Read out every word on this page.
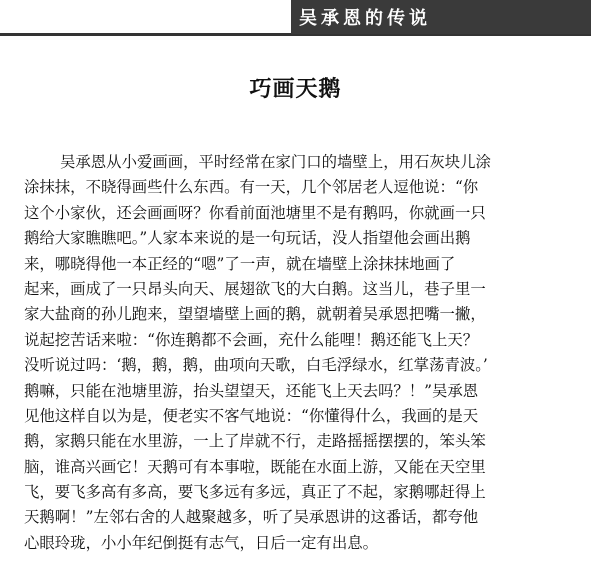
吴承恩的传说
巧画天鹅
吴承恩从小爱画画，平时经常在家门口的墙壁上，用石灰块儿涂
涂抹抹，不晓得画些什么东西。有一天，几个邻居老人逗他说：“你
这个小家伙，还会画画呀？你看前面池塘里不是有鹅吗，你就画一只
鹅给大家瞧瞧吧。”人家本来说的是一句玩话，没人指望他会画出鹅
来，哪晓得他一本正经的“嗯”了一声，就在墙壁上涂抹抹地画了
起来，画成了一只昂头向天、展翅欲飞的大白鹅。这当儿，巷子里一
家大盐商的孙儿跑来，望望墙壁上画的鹅，就朝着吴承恩把嘴一撇，
说起挖苦话来啦：“你连鹅都不会画，充什么能哩！鹅还能飞上天？
没听说过吗：‘鹅，鹅，鹅，曲项向天歌，白毛浮绿水，红掌荡青波。’
鹅嘛，只能在池塘里游，抬头望望天，还能飞上天去吗？！”吴承恩
见他这样自以为是，便老实不客气地说：“你懂得什么，我画的是天
鹅，家鹅只能在水里游，一上了岸就不行，走路摇摇摆摆的，笨头笨
脑，谁高兴画它！天鹅可有本事啦，既能在水面上游，又能在天空里
飞，要飞多高有多高，要飞多远有多远，真正了不起，家鹅哪赶得上
天鹅啊！”左邻右舍的人越聚越多，听了吴承恩讲的这番话，都夸他
心眼玲珑，小小年纪倒挺有志气，日后一定有出息。
